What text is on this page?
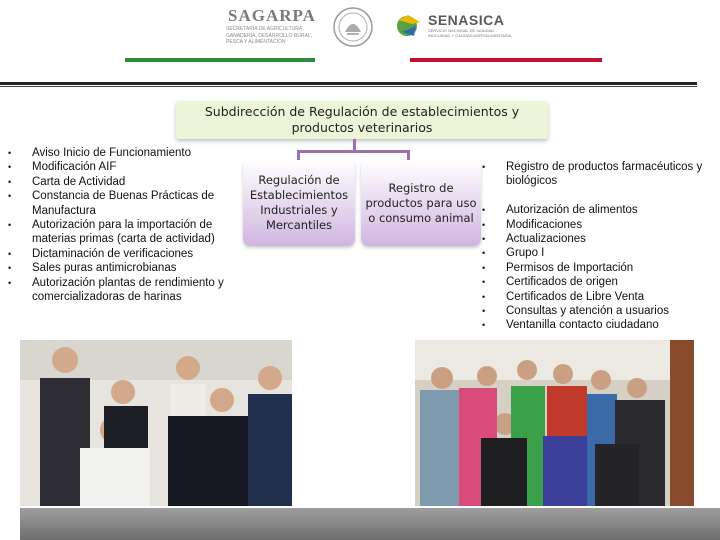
SAGARPA
SECRETARÍA DE AGRICULTURA, GANADERÍA, DESARROLLO RURAL, PESCA Y ALIMENTACIÓN
SENASICA
SERVICIO NACIONAL DE SANIDAD, INOCUIDAD Y CALIDAD AGROALIMENTARIA
Subdirección de Regulación de establecimientos y productos veterinarios
Regulación de Establecimientos Industriales y Mercantiles
Registro de productos para uso o consumo animal
• Aviso Inicio de Funcionamiento
• Modificación AIF
• Carta de Actividad
• Constancia de Buenas Prácticas de Manufactura
• Autorización para la importación de materias primas (carta de actividad)
• Dictaminación de verificaciones
• Sales puras antimicrobianas
• Autorización plantas de rendimiento y comercializadoras de harinas
• Registro de productos farmacéuticos y biológicos
• Autorización de alimentos
• Modificaciones
• Actualizaciones
• Grupo I
• Permisos de Importación
• Certificados de origen
• Certificados de Libre Venta
• Consultas y atención a usuarios
• Ventanilla contacto ciudadano
